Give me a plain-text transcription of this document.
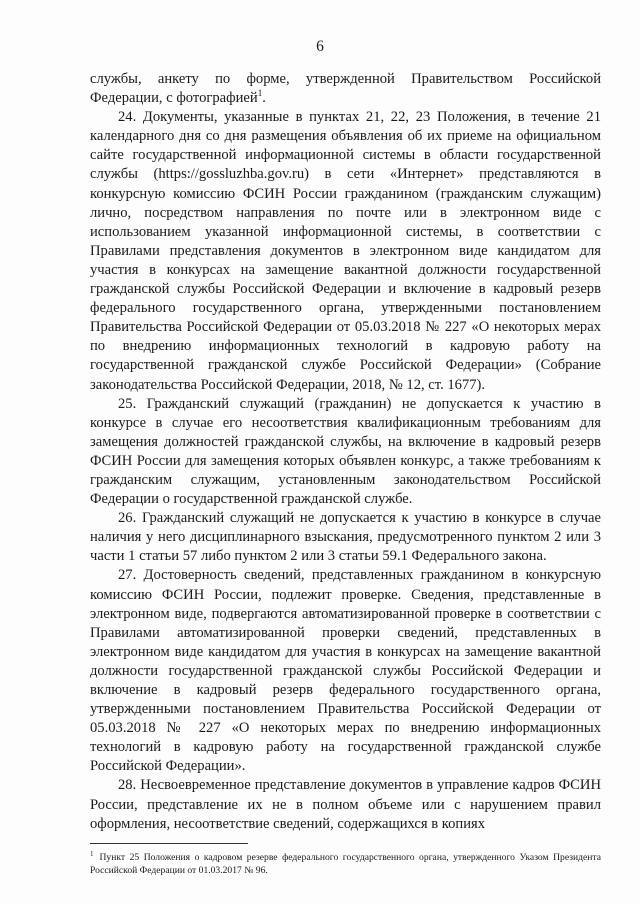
6

службы, анкету по форме, утвержденной Правительством Российской Федерации, с фотографией$^1$.

24. Документы, указанные в пунктах 21, 22, 23 Положения, в течение 21 календарного дня со дня размещения объявления об их приеме на официальном сайте государственной информационной системы в области государственной службы (https://gossluzhba.gov.ru) в сети «Интернет» представляются в конкурсную комиссию ФСИН России гражданином (гражданским служащим) лично, посредством направления по почте или в электронном виде с использованием указанной информационной системы, в соответствии с Правилами представления документов в электронном виде кандидатом для участия в конкурсах на замещение вакантной должности государственной гражданской службы Российской Федерации и включение в кадровый резерв федерального государственного органа, утвержденными постановлением Правительства Российской Федерации от 05.03.2018 № 227 «О некоторых мерах по внедрению информационных технологий в кадровую работу на государственной гражданской службе Российской Федерации» (Собрание законодательства Российской Федерации, 2018, № 12, ст. 1677).

25. Гражданский служащий (гражданин) не допускается к участию в конкурсе в случае его несоответствия квалификационным требованиям для замещения должностей гражданской службы, на включение в кадровый резерв ФСИН России для замещения которых объявлен конкурс, а также требованиям к гражданским служащим, установленным законодательством Российской Федерации о государственной гражданской службе.

26. Гражданский служащий не допускается к участию в конкурсе в случае наличия у него дисциплинарного взыскания, предусмотренного пунктом 2 или 3 части 1 статьи 57 либо пунктом 2 или 3 статьи 59.1 Федерального закона.

27. Достоверность сведений, представленных гражданином в конкурсную комиссию ФСИН России, подлежит проверке. Сведения, представленные в электронном виде, подвергаются автоматизированной проверке в соответствии с Правилами автоматизированной проверки сведений, представленных в электронном виде кандидатом для участия в конкурсах на замещение вакантной должности государственной гражданской службы Российской Федерации и включение в кадровый резерв федерального государственного органа, утвержденными постановлением Правительства Российской Федерации от 05.03.2018 № 227 «О некоторых мерах по внедрению информационных технологий в кадровую работу на государственной гражданской службе Российской Федерации».

28. Несвоевременное представление документов в управление кадров ФСИН России, представление их не в полном объеме или с нарушением правил оформления, несоответствие сведений, содержащихся в копиях

$^1$ Пункт 25 Положения о кадровом резерве федерального государственного органа, утвержденного Указом Президента Российской Федерации от 01.03.2017 № 96.
